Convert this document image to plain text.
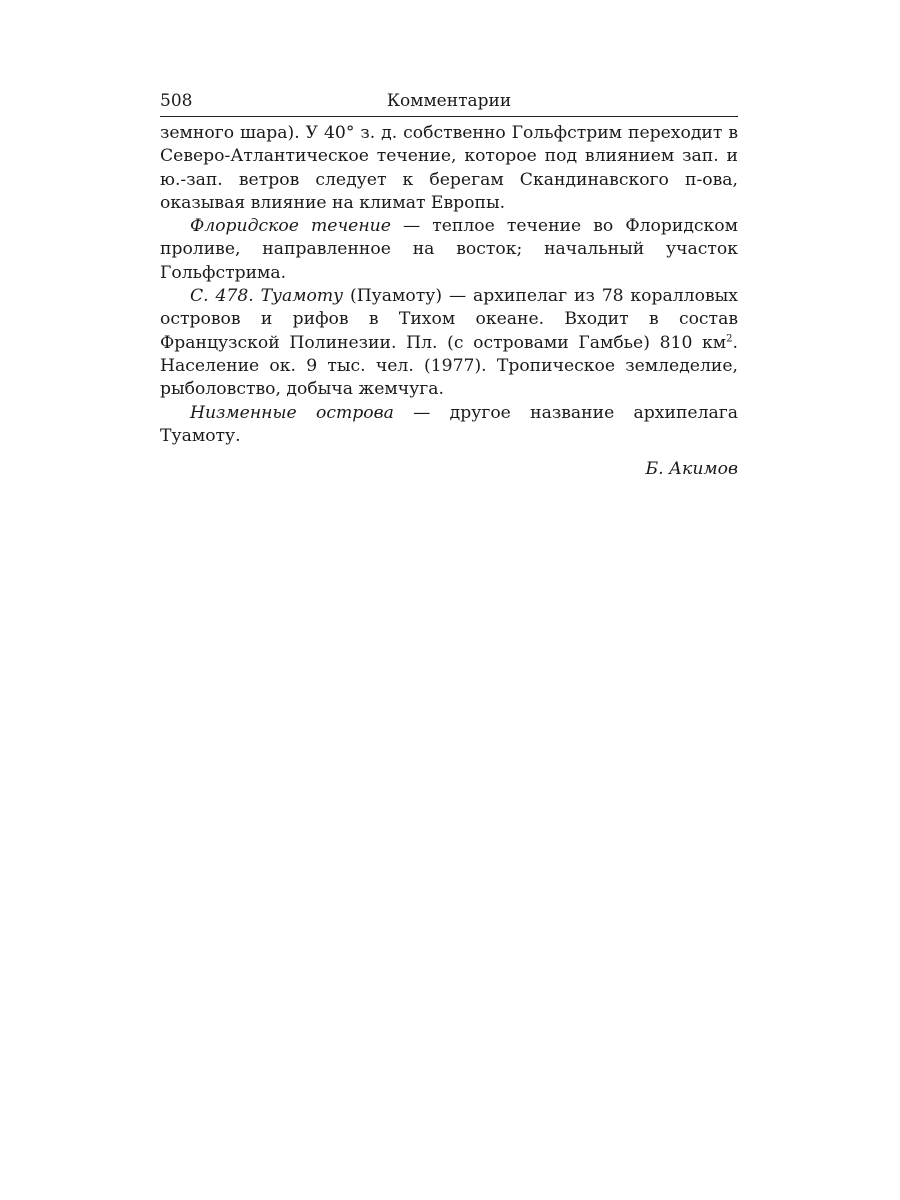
508	Комментарии

земного шара). У 40° з. д. собственно Гольфстрим переходит в Северо-Атлантическое течение, которое под влиянием зап. и ю.-зап. ветров следует к берегам Скандинавского п-ова, оказывая влияние на климат Европы.

Флоридское течение — теплое течение во Флоридском проливе, направленное на восток; начальный участок Гольфстрима.

С. 478. Туамоту (Пуамоту) — архипелаг из 78 коралловых островов и рифов в Тихом океане. Входит в состав Французской Полинезии. Пл. (с островами Гамбье) 810 $км^2$. Население ок. 9 тыс. чел. (1977). Тропическое земледелие, рыболовство, добыча жемчуга.

Низменные острова — другое название архипелага Туамоту.

Б. Акимов
